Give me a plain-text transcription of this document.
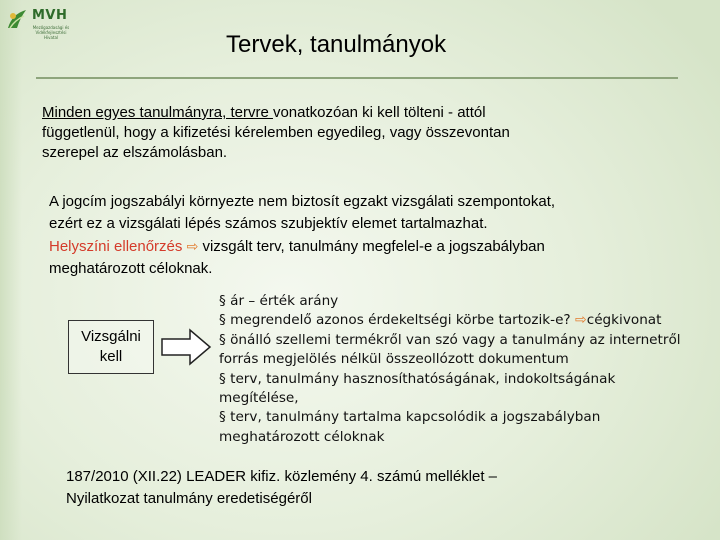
MVH
Mezőgazdasági és Vidékfejlesztési Hivatal	Tervek, tanulmányok
Minden egyes tanulmányra, tervre vonatkozóan ki kell tölteni - attól
függetlenül, hogy a kifizetési kérelemben egyedileg, vagy összevontan
szerepel az elszámolásban.
A jogcím jogszabályi környezte nem biztosít egzakt vizsgálati szempontokat,
ezért ez a vizsgálati lépés számos szubjektív elemet tartalmazhat.
Helyszíni ellenőrzés ⇨ vizsgált terv, tanulmány megfelel-e a jogszabályban
meghatározott céloknak.
Vizsgálni
kell
§ ár – érték arány
§ megrendelő azonos érdekeltségi körbe tartozik-e? ⇨cégkivonat
§ önálló szellemi termékről van szó vagy a tanulmány az internetről
forrás megjelölés nélkül összeollózott dokumentum
§ terv, tanulmány hasznosíthatóságának, indokoltságának
megítélése,
§ terv, tanulmány tartalma kapcsolódik a jogszabályban
meghatározott céloknak
187/2010 (XII.22) LEADER kifiz. közlemény 4. számú melléklet –
Nyilatkozat tanulmány eredetiségéről
